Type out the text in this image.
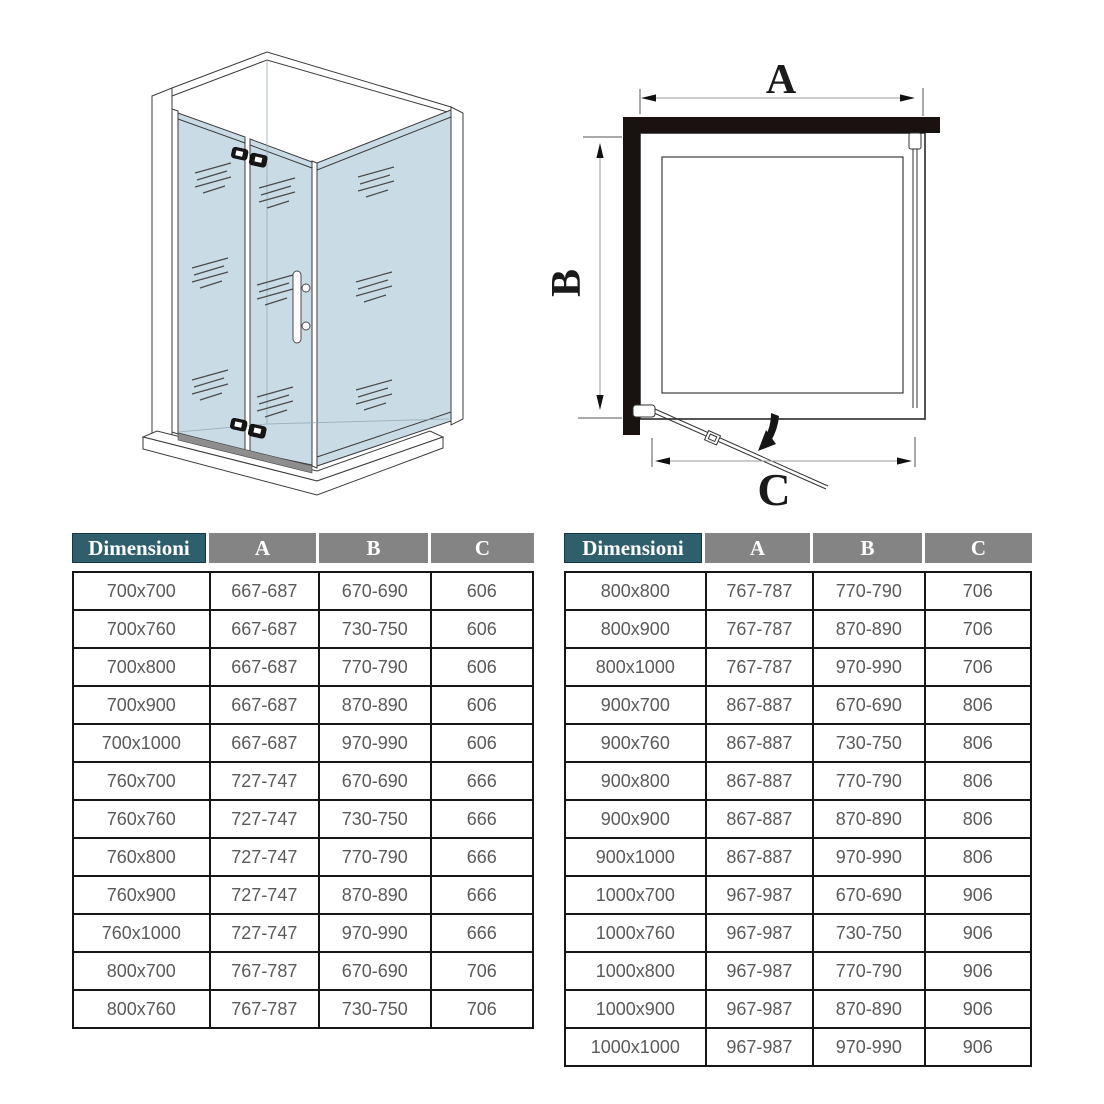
A
B
C
Dimensioni	A	B	C
700x700	667-687	670-690	606
700x760	667-687	730-750	606
700x800	667-687	770-790	606
700x900	667-687	870-890	606
700x1000	667-687	970-990	606
760x700	727-747	670-690	666
760x760	727-747	730-750	666
760x800	727-747	770-790	666
760x900	727-747	870-890	666
760x1000	727-747	970-990	666
800x700	767-787	670-690	706
800x760	767-787	730-750	706
Dimensioni	A	B	C
800x800	767-787	770-790	706
800x900	767-787	870-890	706
800x1000	767-787	970-990	706
900x700	867-887	670-690	806
900x760	867-887	730-750	806
900x800	867-887	770-790	806
900x900	867-887	870-890	806
900x1000	867-887	970-990	806
1000x700	967-987	670-690	906
1000x760	967-987	730-750	906
1000x800	967-987	770-790	906
1000x900	967-987	870-890	906
1000x1000	967-987	970-990	906
